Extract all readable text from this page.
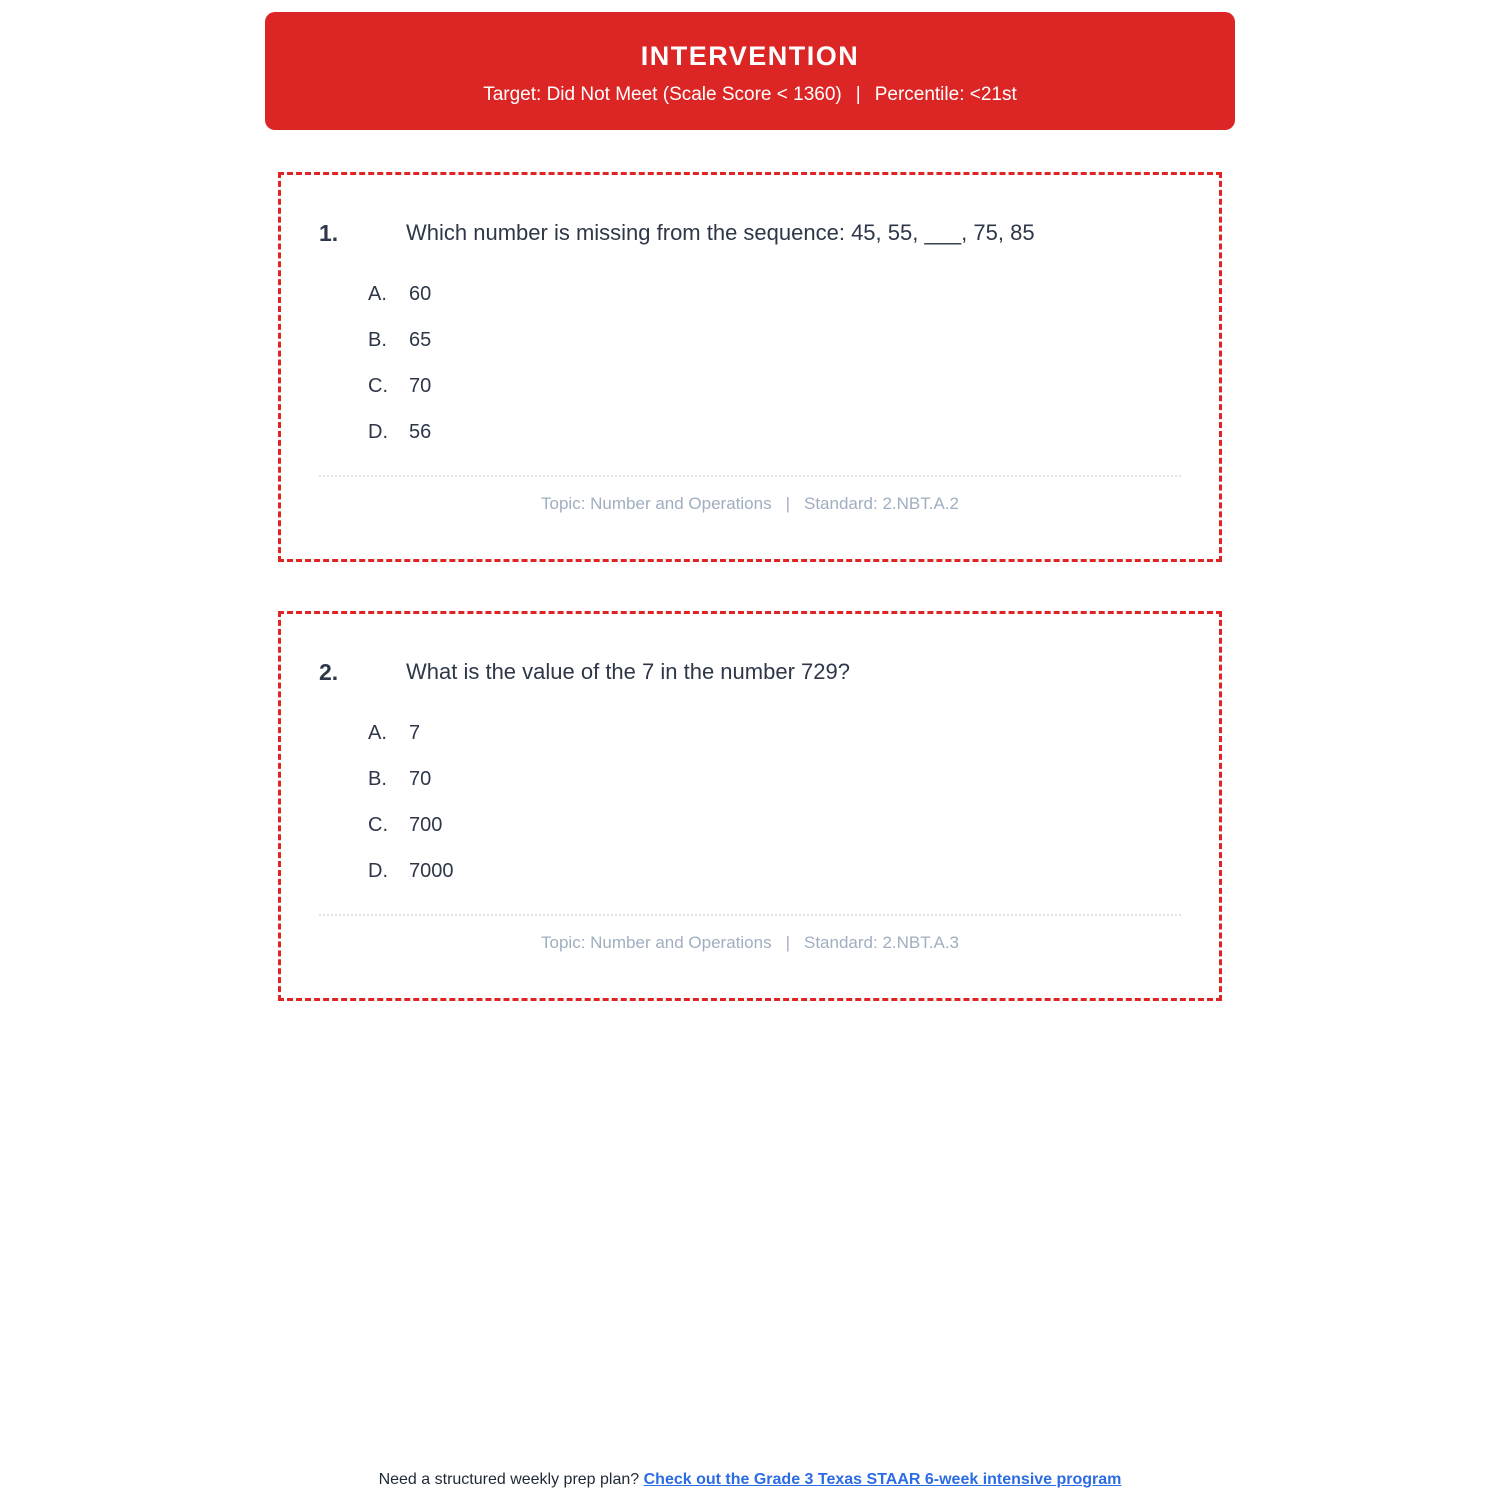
INTERVENTION
Target: Did Not Meet (Scale Score < 1360) | Percentile: <21st
1.	Which number is missing from the sequence: 45, 55, ___, 75, 85
A.	60
B.	65
C.	70
D.	56
Topic: Number and Operations | Standard: 2.NBT.A.2
2.	What is the value of the 7 in the number 729?
A.	7
B.	70
C.	700
D.	7000
Topic: Number and Operations | Standard: 2.NBT.A.3
Need a structured weekly prep plan? Check out the Grade 3 Texas STAAR 6-week intensive program
